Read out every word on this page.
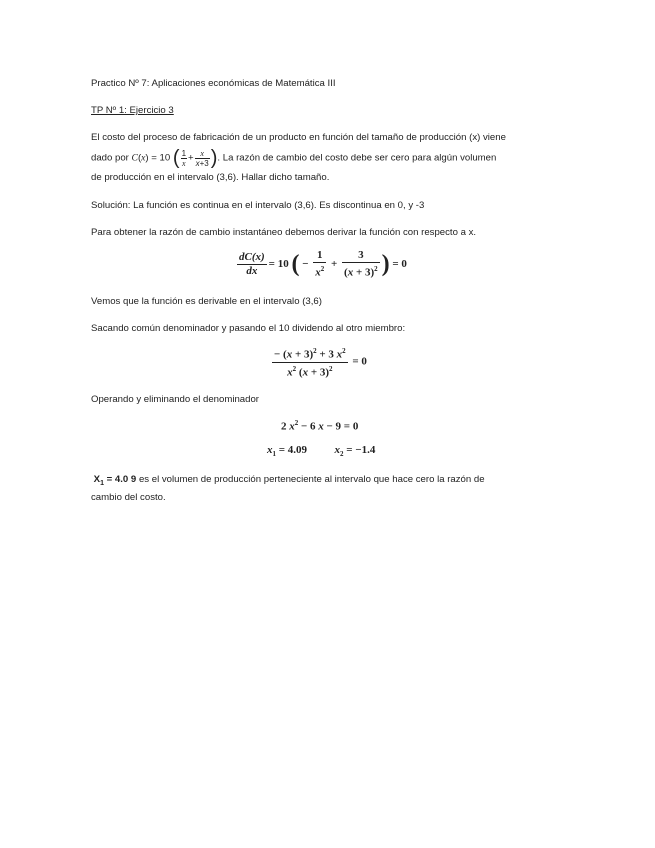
Practico Nº 7: Aplicaciones económicas de Matemática III
TP Nº 1: Ejercicio 3
El costo del proceso de fabricación de un producto en función del tamaño de producción (x) viene
dado por C(x) = 10 ( $\frac{1}{x} + \frac{x}{x+3}$ ). La razón de cambio del costo debe ser cero para algún volumen
de producción en el intervalo (3,6). Hallar dicho tamaño.
Solución: La función es continua en el intervalo (3,6). Es discontinua en 0, y -3
Para obtener la razón de cambio instantáneo debemos derivar la función con respecto a x.
$\frac{dC(x)}{dx} = 10$ ( − $\frac{1}{x^2} + \frac{3}{(x + 3)^2}$ ) = 0
Vemos que la función es derivable en el intervalo (3,6)
Sacando común denominador y pasando el 10 dividendo al otro miembro:
$\frac{- (x + 3)^2 + 3 x^2}{x^2 (x + 3)^2} = 0$
Operando y eliminando el denominador
2 $x^2 - 6$ x − 9 = 0
$x_1 = 4.09$	$x_2 = -1.4$
$X_1 = 4.0$ 9 es el volumen de producción perteneciente al intervalo que hace cero la razón de
cambio del costo.
